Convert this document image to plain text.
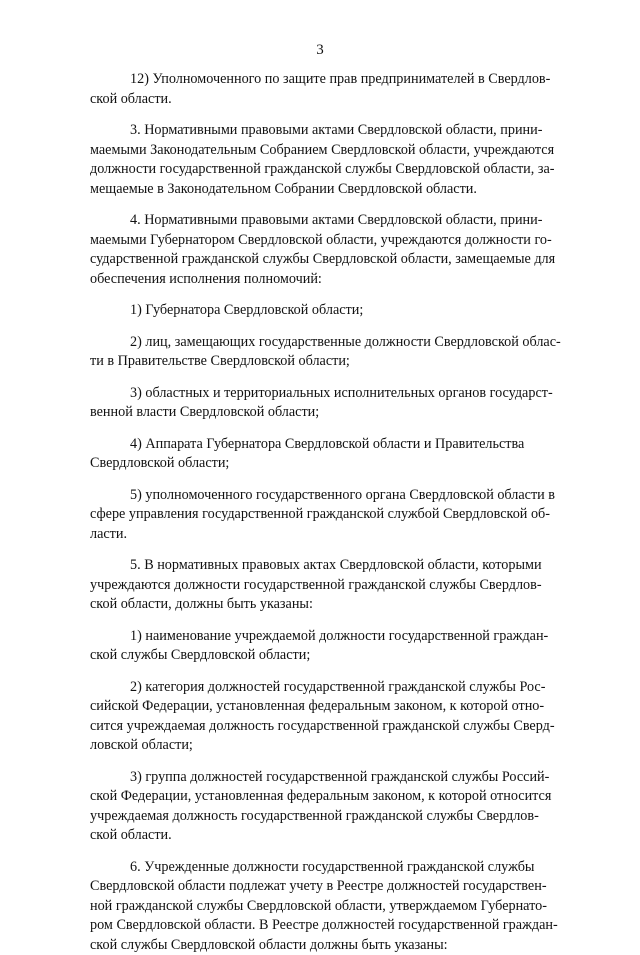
3

12) Уполномоченного по защите прав предпринимателей в Свердлов-
ской области.

3. Нормативными правовыми актами Свердловской области, прини-
маемыми Законодательным Собранием Свердловской области, учреждаются
должности государственной гражданской службы Свердловской области, за-
мещаемые в Законодательном Собрании Свердловской области.

4. Нормативными правовыми актами Свердловской области, прини-
маемыми Губернатором Свердловской области, учреждаются должности го-
сударственной гражданской службы Свердловской области, замещаемые для
обеспечения исполнения полномочий:

1) Губернатора Свердловской области;

2) лиц, замещающих государственные должности Свердловской облас-
ти в Правительстве Свердловской области;

3) областных и территориальных исполнительных органов государст-
венной власти Свердловской области;

4) Аппарата Губернатора Свердловской области и Правительства
Свердловской области;

5) уполномоченного государственного органа Свердловской области в
сфере управления государственной гражданской службой Свердловской об-
ласти.

5. В нормативных правовых актах Свердловской области, которыми
учреждаются должности государственной гражданской службы Свердлов-
ской области, должны быть указаны:

1) наименование учреждаемой должности государственной граждан-
ской службы Свердловской области;

2) категория должностей государственной гражданской службы Рос-
сийской Федерации, установленная федеральным законом, к которой отно-
сится учреждаемая должность государственной гражданской службы Сверд-
ловской области;

3) группа должностей государственной гражданской службы Россий-
ской Федерации, установленная федеральным законом, к которой относится
учреждаемая должность государственной гражданской службы Свердлов-
ской области.

6. Учрежденные должности государственной гражданской службы
Свердловской области подлежат учету в Реестре должностей государствен-
ной гражданской службы Свердловской области, утверждаемом Губернато-
ром Свердловской области. В Реестре должностей государственной граждан-
ской службы Свердловской области должны быть указаны:
